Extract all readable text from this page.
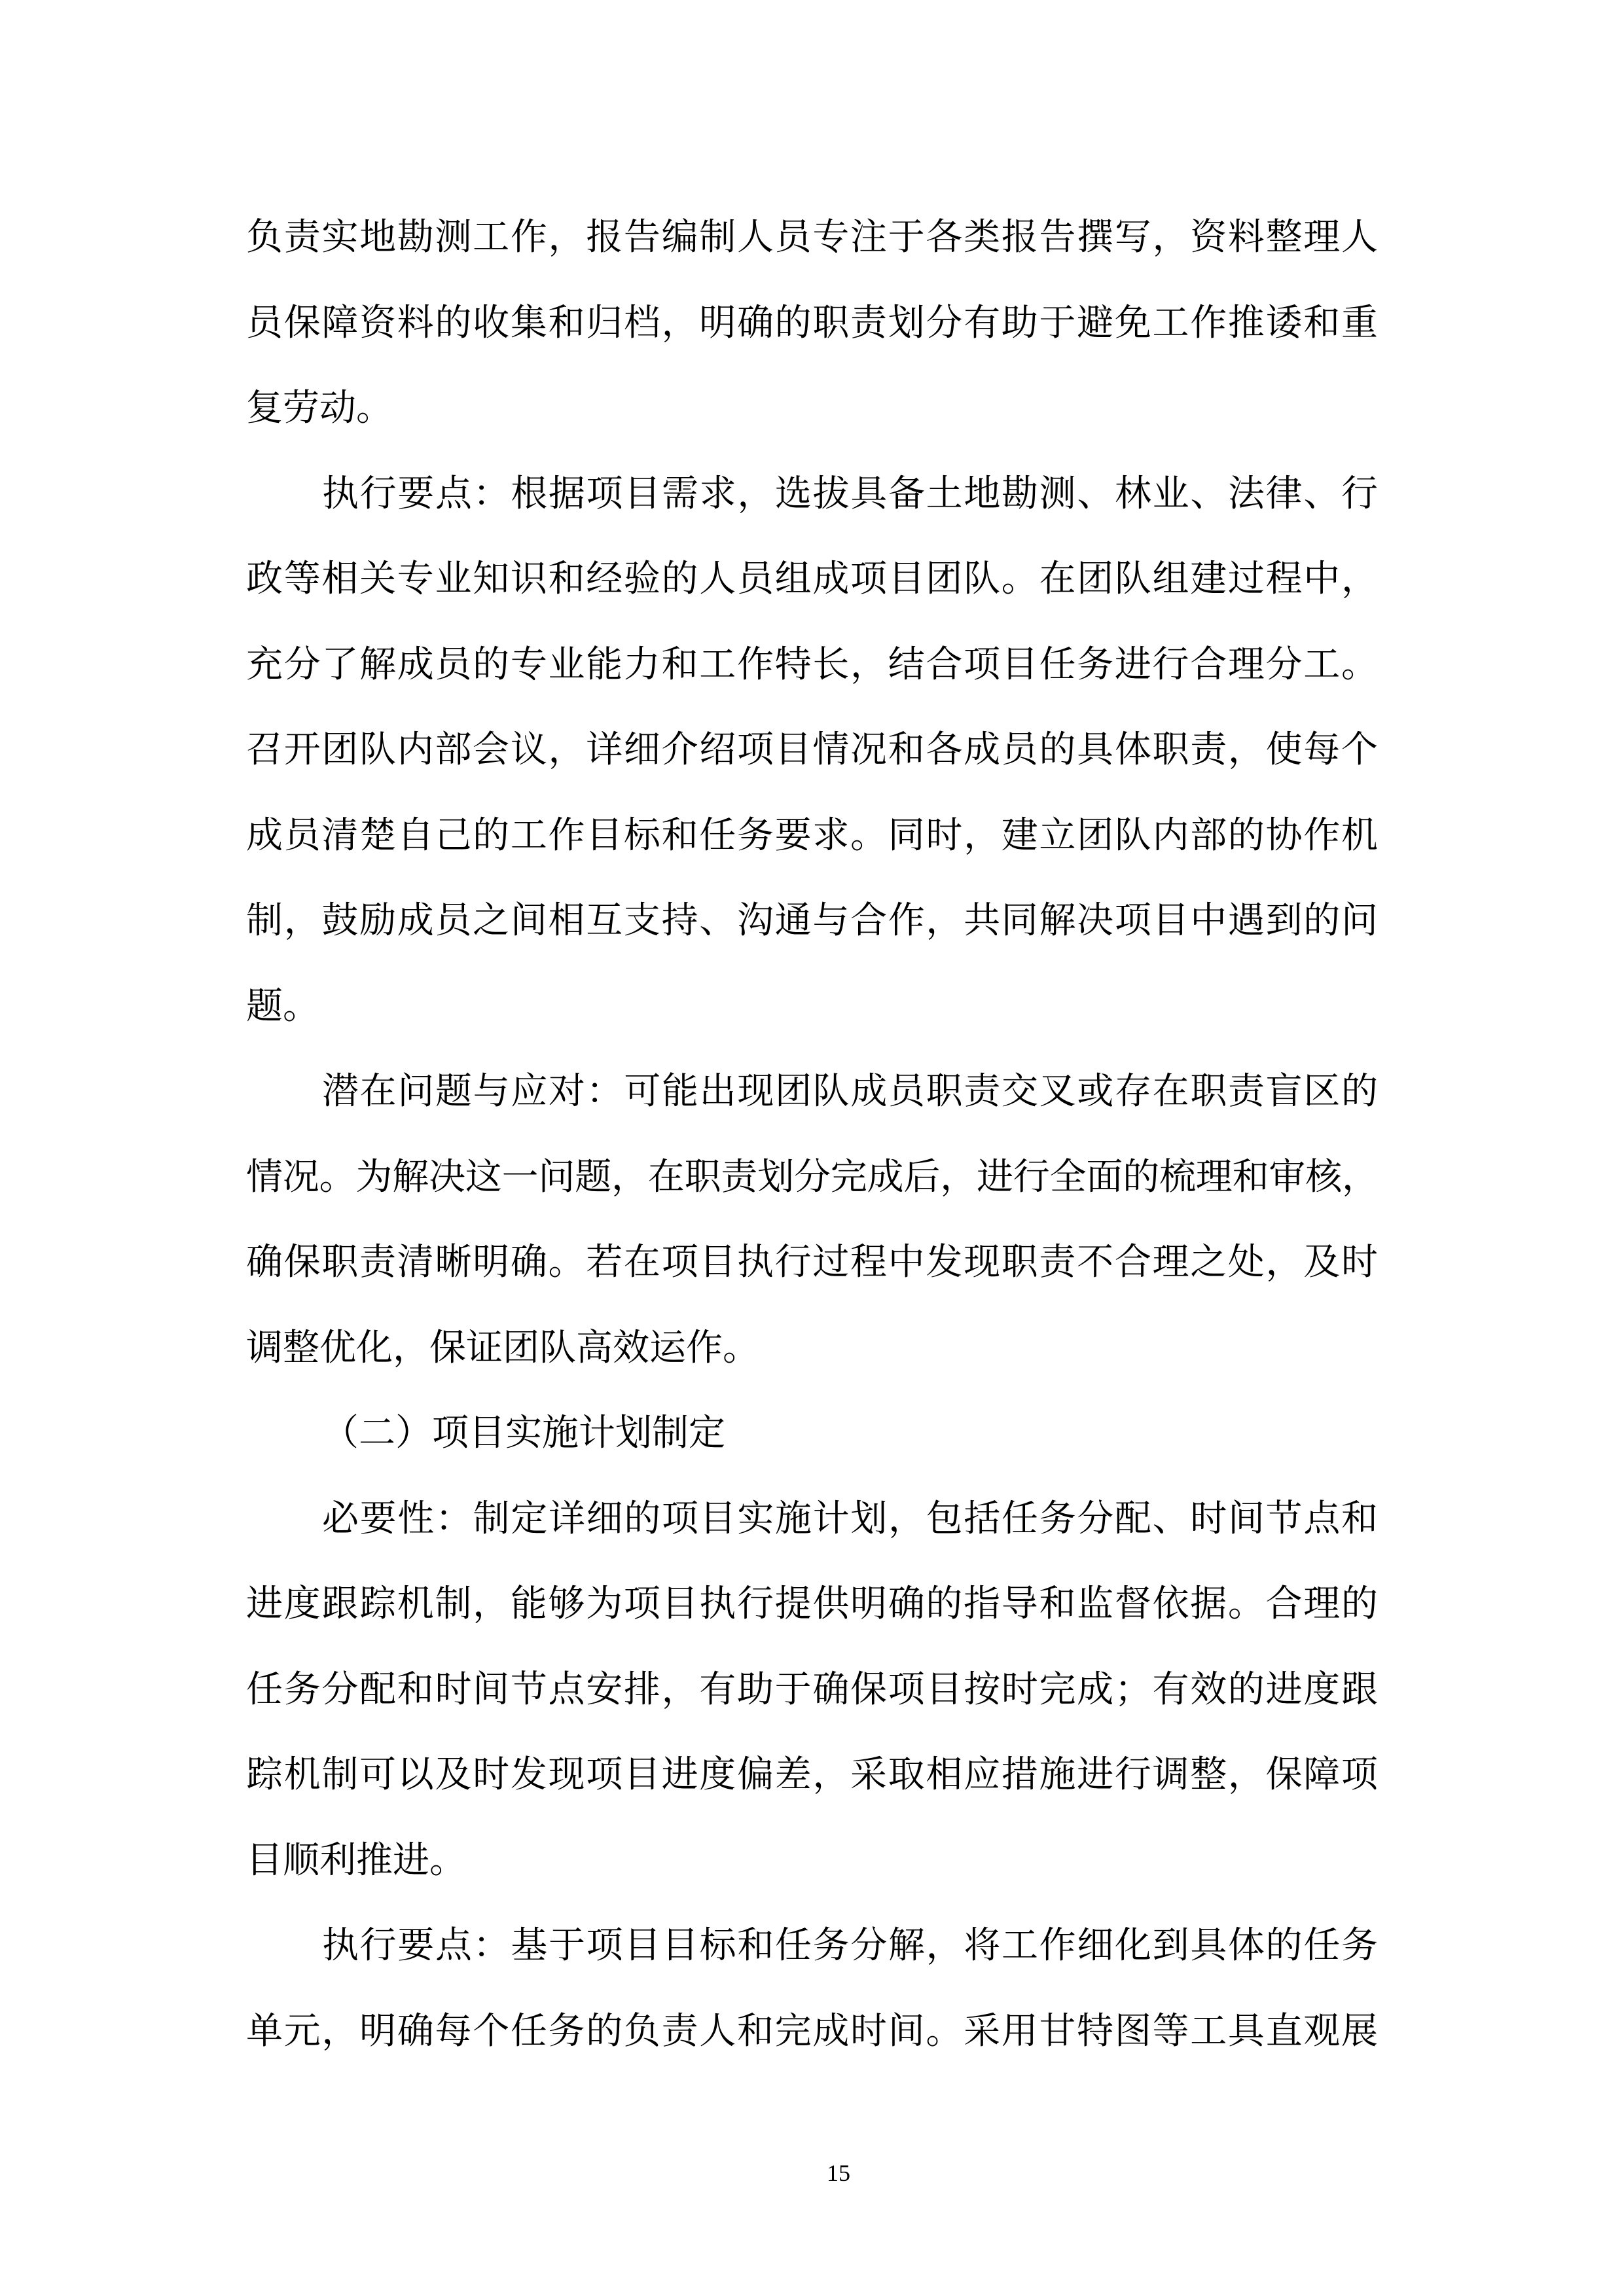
负责实地勘测工作，报告编制人员专注于各类报告撰写，资料整理人
员保障资料的收集和归档，明确的职责划分有助于避免工作推诿和重
复劳动。
执行要点：根据项目需求，选拔具备土地勘测、林业、法律、行
政等相关专业知识和经验的人员组成项目团队。在团队组建过程中，
充分了解成员的专业能力和工作特长，结合项目任务进行合理分工。
召开团队内部会议，详细介绍项目情况和各成员的具体职责，使每个
成员清楚自己的工作目标和任务要求。同时，建立团队内部的协作机
制，鼓励成员之间相互支持、沟通与合作，共同解决项目中遇到的问
题。
潜在问题与应对：可能出现团队成员职责交叉或存在职责盲区的
情况。为解决这一问题，在职责划分完成后，进行全面的梳理和审核，
确保职责清晰明确。若在项目执行过程中发现职责不合理之处，及时
调整优化，保证团队高效运作。
（二）项目实施计划制定
必要性：制定详细的项目实施计划，包括任务分配、时间节点和
进度跟踪机制，能够为项目执行提供明确的指导和监督依据。合理的
任务分配和时间节点安排，有助于确保项目按时完成；有效的进度跟
踪机制可以及时发现项目进度偏差，采取相应措施进行调整，保障项
目顺利推进。
执行要点：基于项目目标和任务分解，将工作细化到具体的任务
单元，明确每个任务的负责人和完成时间。采用甘特图等工具直观展
15
